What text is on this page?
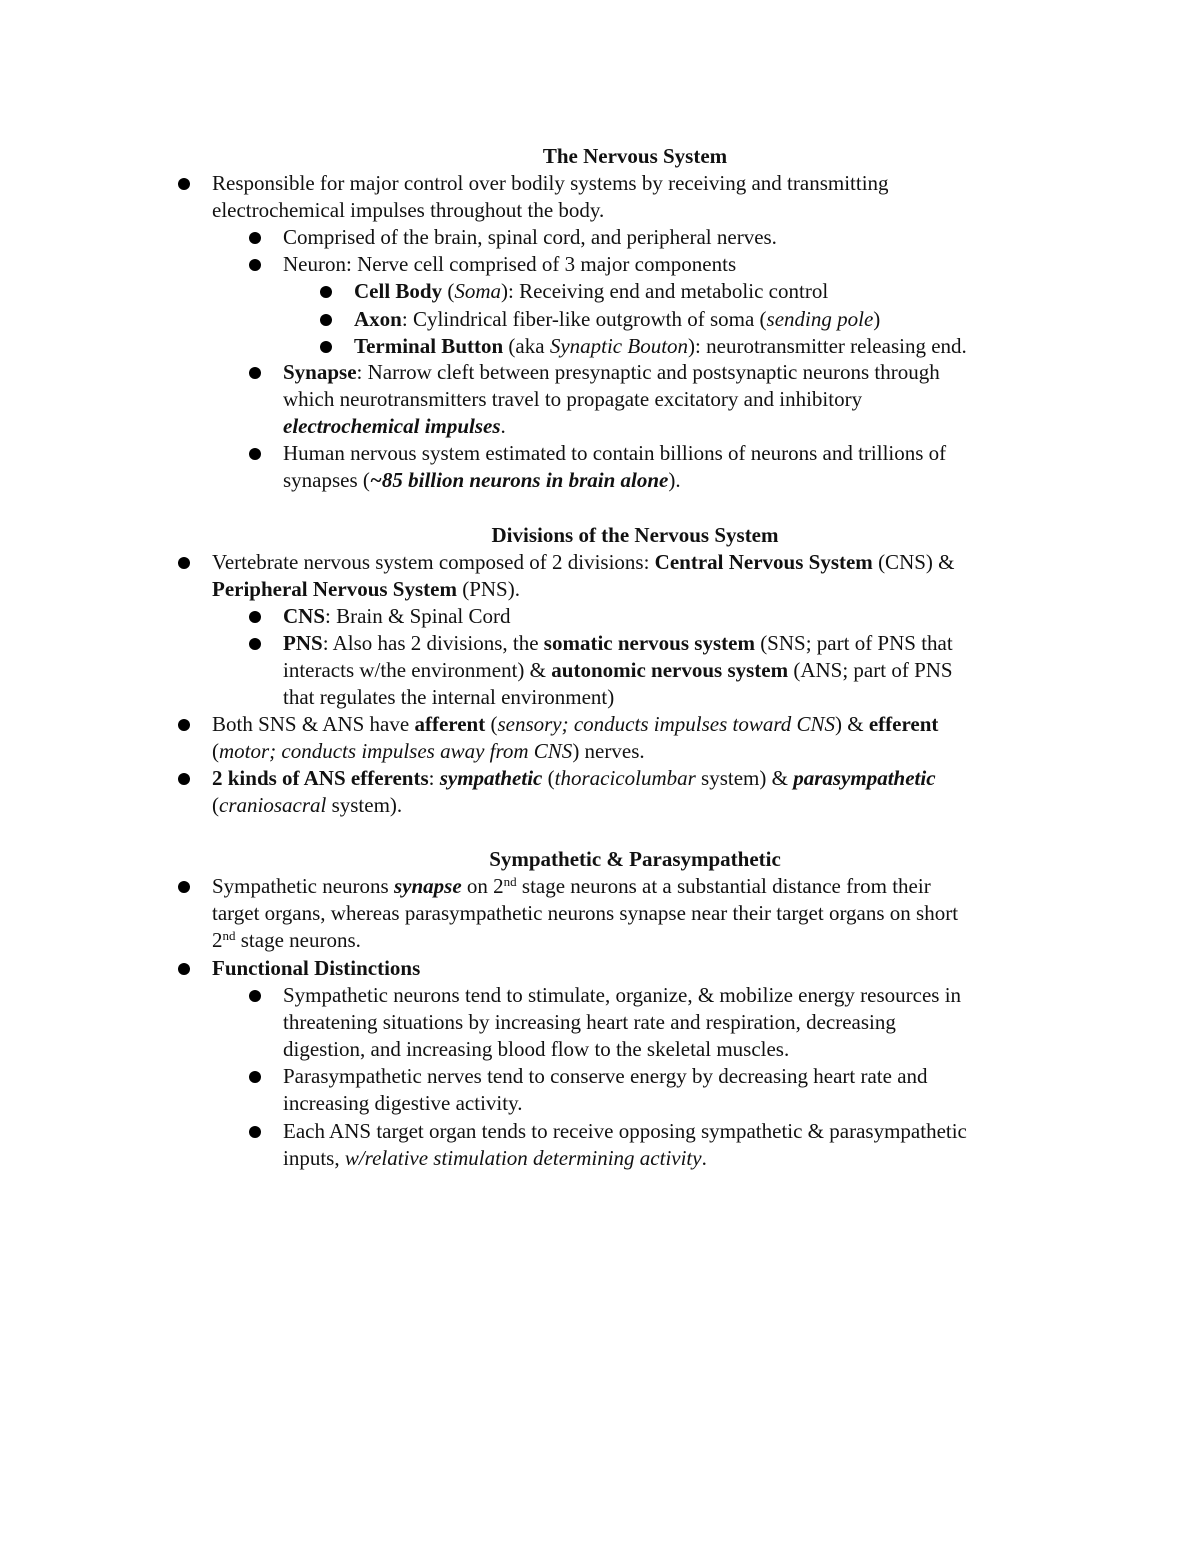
The Nervous System
Responsible for major control over bodily systems by receiving and transmitting
electrochemical impulses throughout the body.
Comprised of the brain, spinal cord, and peripheral nerves.
Neuron: Nerve cell comprised of 3 major components
Cell Body (Soma): Receiving end and metabolic control
Axon: Cylindrical fiber-like outgrowth of soma (sending pole)
Terminal Button (aka Synaptic Bouton): neurotransmitter releasing end.
Synapse: Narrow cleft between presynaptic and postsynaptic neurons through
which neurotransmitters travel to propagate excitatory and inhibitory
electrochemical impulses.
Human nervous system estimated to contain billions of neurons and trillions of
synapses (~85 billion neurons in brain alone).
Divisions of the Nervous System
Vertebrate nervous system composed of 2 divisions: Central Nervous System (CNS) &
Peripheral Nervous System (PNS).
CNS: Brain & Spinal Cord
PNS: Also has 2 divisions, the somatic nervous system (SNS; part of PNS that
interacts w/the environment) & autonomic nervous system (ANS; part of PNS
that regulates the internal environment)
Both SNS & ANS have afferent (sensory; conducts impulses toward CNS) & efferent
(motor; conducts impulses away from CNS) nerves.
2 kinds of ANS efferents: sympathetic (thoracicolumbar system) & parasympathetic
(craniosacral system).
Sympathetic & Parasympathetic
Sympathetic neurons synapse on 2nd stage neurons at a substantial distance from their
target organs, whereas parasympathetic neurons synapse near their target organs on short
2nd stage neurons.
Functional Distinctions
Sympathetic neurons tend to stimulate, organize, & mobilize energy resources in
threatening situations by increasing heart rate and respiration, decreasing
digestion, and increasing blood flow to the skeletal muscles.
Parasympathetic nerves tend to conserve energy by decreasing heart rate and
increasing digestive activity.
Each ANS target organ tends to receive opposing sympathetic & parasympathetic
inputs, w/relative stimulation determining activity.
